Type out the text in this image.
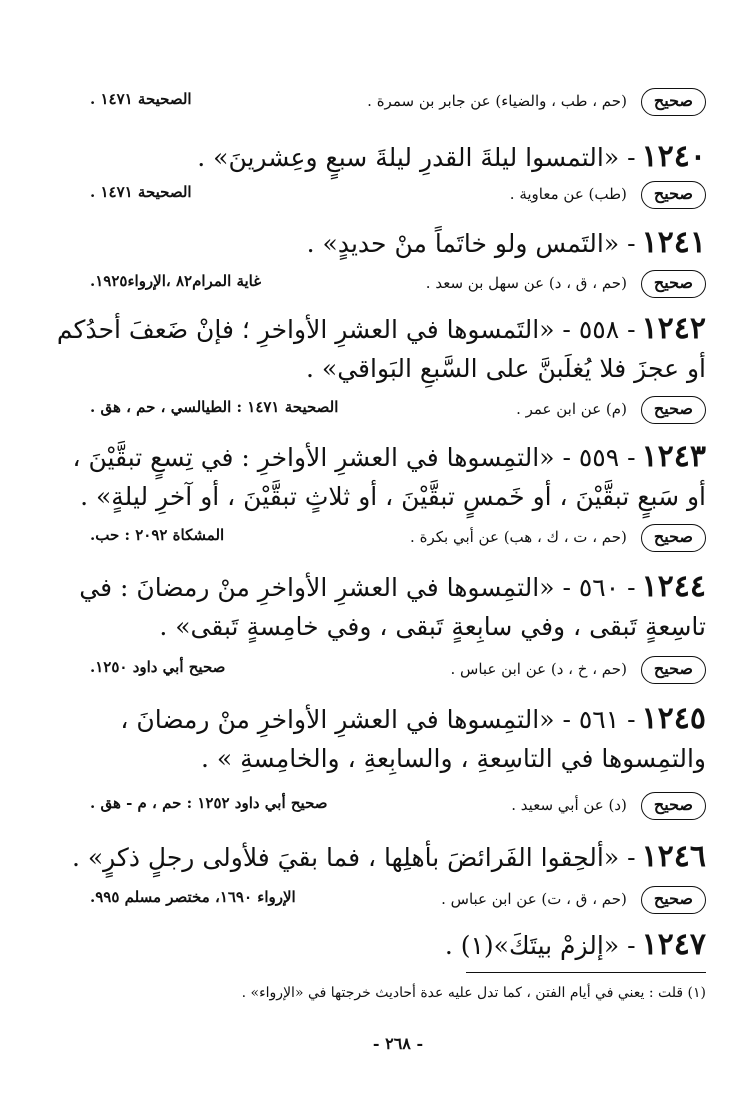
صحيح(حم ، طب ، والضياء) عن جابر بن سمرة .
الصحيحة ١٤٧١ .
١٢٤٠- «التمسوا ليلةَ القدرِ ليلةَ سبعٍ وعِشرينَ» .
صحيح(طب) عن معاوية .
الصحيحة ١٤٧١ .
١٢٤١- «التَمس ولو خاتَماً منْ حديدٍ» .
صحيح(حم ، ق ، د) عن سهل بن سعد .
غاية المرام٨٢ ،الإرواء١٩٢٥.
١٢٤٢- ٥٥٨ - «التَمسوها في العشرِ الأواخرِ ؛ فإنْ ضَعفَ أحدُكم
أو عجزَ فلا يُغلَبنَّ على السَّبعِ البَواقي» .
صحيح(م) عن ابن عمر .
الصحيحة ١٤٧١ : الطيالسي ، حم ، هق .
١٢٤٣- ٥٥٩ - «التمِسوها في العشرِ الأواخرِ : في تِسعٍ تبقَّيْنَ ،
أو سَبعٍ تبقَّيْنَ ، أو خَمسٍ تبقَّيْنَ ، أو ثلاثٍ تبقَّيْنَ ، أو آخرِ ليلةٍ» .
صحيح(حم ، ت ، ك ، هب) عن أبي بكرة .
المشكاة ٢٠٩٢ : حب.
١٢٤٤- ٥٦٠ - «التمِسوها في العشرِ الأواخرِ منْ رمضانَ : في
تاسِعةٍ تَبقى ، وفي سابِعةٍ تَبقى ، وفي خامِسةٍ تَبقى» .
صحيح(حم ، خ ، د) عن ابن عباس .
صحيح أبي داود ١٢٥٠.
١٢٤٥- ٥٦١ - «التمِسوها في العشرِ الأواخرِ منْ رمضانَ ،
والتمِسوها في التاسِعةِ ، والسابِعةِ ، والخامِسةِ » .
صحيح(د) عن أبي سعيد .
صحيح أبي داود ١٢٥٢ : حم ، م - هق .
١٢٤٦- «ألحِقوا الفَرائضَ بأهلِها ، فما بقيَ فلأولى رجلٍ ذكرٍ» .
صحيح(حم ، ق ، ت) عن ابن عباس .
الإرواء ١٦٩٠، مختصر مسلم ٩٩٥.
١٢٤٧- «إلزمْ بيتَكَ»(١) .
(١) قلت : يعني في أيام الفتن ، كما تدل عليه عدة أحاديث خرجتها في «الإرواء» .
- ٢٦٨ -
